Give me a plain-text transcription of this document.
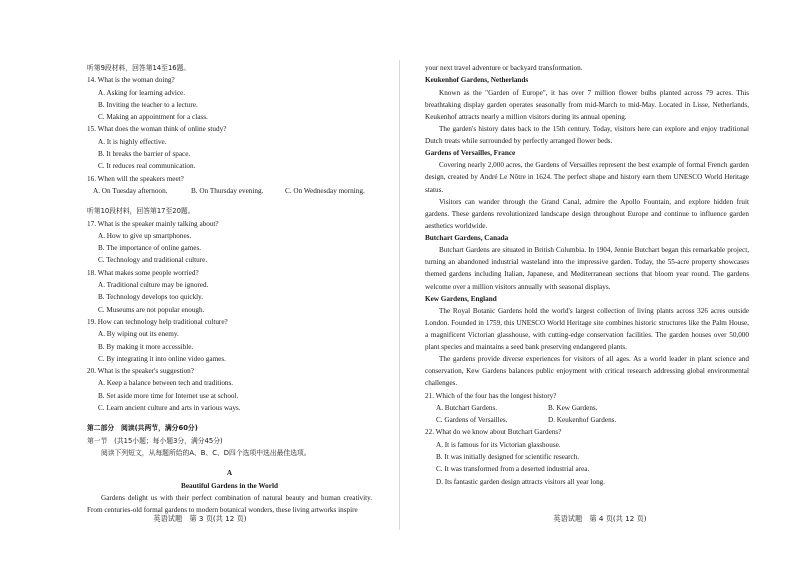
听第9段材料，回答第14至16题。
14. What is the woman doing?
A. Asking for learning advice.
B. Inviting the teacher to a lecture.
C. Making an appointment for a class.
15. What does the woman think of online study?
A. It is highly effective.
B. It breaks the barrier of space.
C. It reduces real communication.
16. When will the speakers meet?
A. On Tuesday afternoon.	B. On Thursday evening.	C. On Wednesday morning.
听第10段材料，回答第17至20题。
17. What is the speaker mainly talking about?
A. How to give up smartphones.
B. The importance of online games.
C. Technology and traditional culture.
18. What makes some people worried?
A. Traditional culture may be ignored.
B. Technology develops too quickly.
C. Museums are not popular enough.
19. How can technology help traditional culture?
A. By wiping out its enemy.
B. By making it more accessible.
C. By integrating it into online video games.
20. What is the speaker's suggestion?
A. Keep a balance between tech and traditions.
B. Set aside more time for Internet use at school.
C. Learn ancient culture and arts in various ways.
第二部分　阅读(共两节，满分60分)
第一节　(共15小题；每小题3分，满分45分)
阅读下列短文，从每题所给的A、B、C、D四个选项中选出最佳选项。
A
Beautiful Gardens in the World
Gardens delight us with their perfect combination of natural beauty and human creativity. From centuries-old formal gardens to modern botanical wonders, these living artworks inspire
英语试题　第 3 页(共 12 页)
your next travel adventure or backyard transformation.
Keukenhof Gardens, Netherlands
Known as the "Garden of Europe", it has over 7 million flower bulbs planted across 79 acres. This breathtaking display garden operates seasonally from mid-March to mid-May. Located in Lisse, Netherlands, Keukenhof attracts nearly a million visitors during its annual opening.
The garden's history dates back to the 15th century. Today, visitors here can explore and enjoy traditional Dutch treats while surrounded by perfectly arranged flower beds.
Gardens of Versailles, France
Covering nearly 2,000 acres, the Gardens of Versailles represent the best example of formal French garden design, created by André Le Nôtre in 1624. The perfect shape and history earn them UNESCO World Heritage status.
Visitors can wander through the Grand Canal, admire the Apollo Fountain, and explore hidden fruit gardens. These gardens revolutionized landscape design throughout Europe and continue to influence garden aesthetics worldwide.
Butchart Gardens, Canada
Butchart Gardens are situated in British Columbia. In 1904, Jennie Butchart began this remarkable project, turning an abandoned industrial wasteland into the impressive garden. Today, the 55-acre property showcases themed gardens including Italian, Japanese, and Mediterranean sections that bloom year round. The gardens welcome over a million visitors annually with seasonal displays.
Kew Gardens, England
The Royal Botanic Gardens hold the world's largest collection of living plants across 326 acres outside London. Founded in 1759, this UNESCO World Heritage site combines historic structures like the Palm House, a magnificent Victorian glasshouse, with cutting-edge conservation facilities. The garden houses over 50,000 plant species and maintains a seed bank preserving endangered plants.
The gardens provide diverse experiences for visitors of all ages. As a world leader in plant science and conservation, Kew Gardens balances public enjoyment with critical research addressing global environmental challenges.
21. Which of the four has the longest history?
A. Butchart Gardens.	B. Kew Gardens.
C. Gardens of Versailles.	D. Keukenhof Gardens.
22. What do we know about Butchart Gardens?
A. It is famous for its Victorian glasshouse.
B. It was initially designed for scientific research.
C. It was transformed from a deserted industrial area.
D. Its fantastic garden design attracts visitors all year long.
英语试题　第 4 页(共 12 页)
